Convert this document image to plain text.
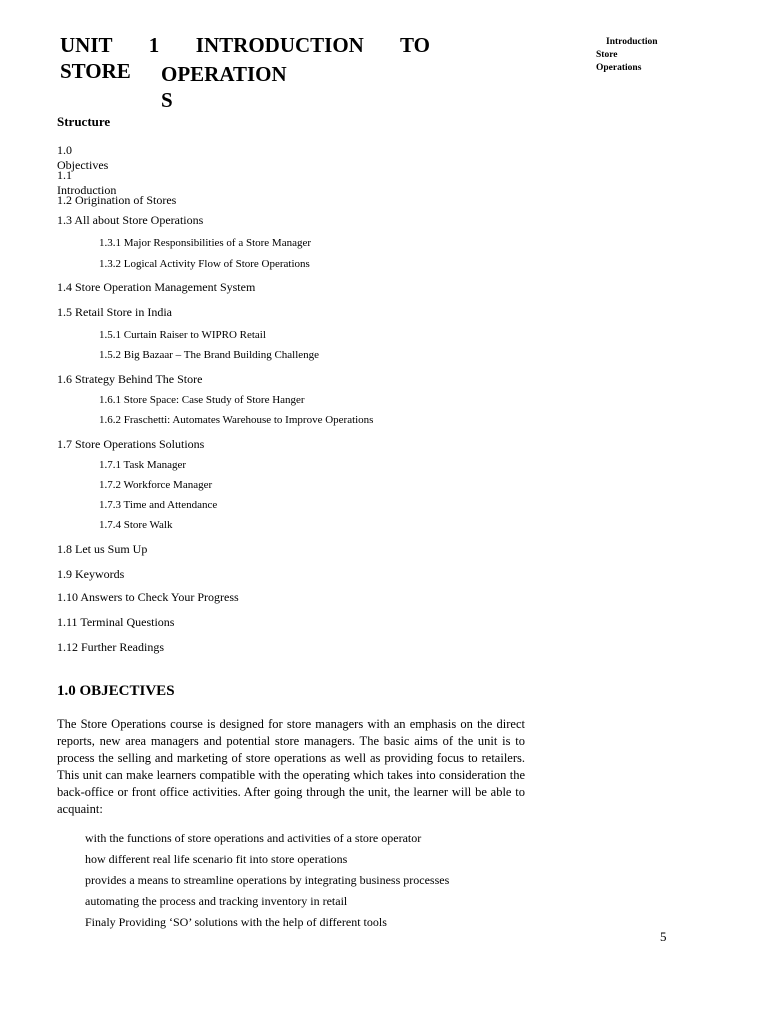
UNIT 1 INTRODUCTION TO
STORE OPERATION
S
Introduction
Store
Operations
Structure
1.0 Objectives
1.1 Introduction
1.2 Origination of Stores
1.3 All about Store Operations
1.3.1 Major Responsibilities of a Store Manager
1.3.2 Logical Activity Flow of Store Operations
1.4 Store Operation Management System
1.5 Retail Store in India
1.5.1 Curtain Raiser to WIPRO Retail
1.5.2 Big Bazaar – The Brand Building Challenge
1.6 Strategy Behind The Store
1.6.1 Store Space: Case Study of Store Hanger
1.6.2 Fraschetti: Automates Warehouse to Improve Operations
1.7 Store Operations Solutions
1.7.1 Task Manager
1.7.2 Workforce Manager
1.7.3 Time and Attendance
1.7.4 Store Walk
1.8 Let us Sum Up
1.9 Keywords
1.10 Answers to Check Your Progress
1.11 Terminal Questions
1.12 Further Readings
1.0 OBJECTIVES
The Store Operations course is designed for store managers with an emphasis on the direct reports, new area managers and potential store managers. The basic aims of the unit is to process the selling and marketing of store operations as well as providing focus to retailers. This unit can make learners compatible with the operating which takes into consideration the back-office or front office activities. After going through the unit, the learner will be able to acquaint:
with the functions of store operations and activities of a store operator
how different real life scenario fit into store operations
provides a means to streamline operations by integrating business processes
automating the process and tracking inventory in retail
Finaly Providing ‘SO’ solutions with the help of different tools
5
